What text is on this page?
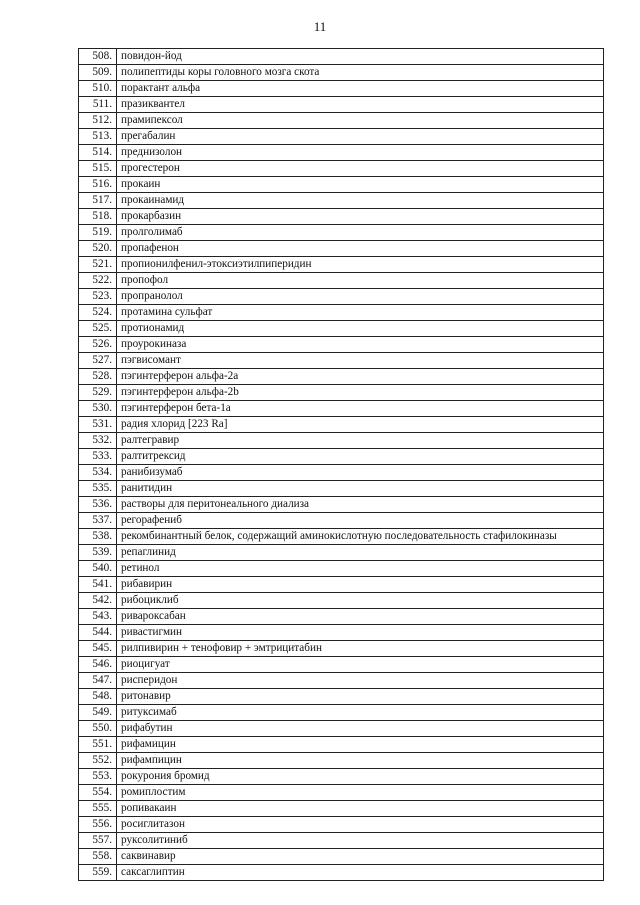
11
508.	повидон-йод
509.	полипептиды коры головного мозга скота
510.	порактант альфа
511.	празиквантел
512.	прамипексол
513.	прегабалин
514.	преднизолон
515.	прогестерон
516.	прокаин
517.	прокаинамид
518.	прокарбазин
519.	пролголимаб
520.	пропафенон
521.	пропионилфенил-этоксиэтилпиперидин
522.	пропофол
523.	пропранолол
524.	протамина сульфат
525.	протионамид
526.	проурокиназа
527.	пэгвисомант
528.	пэгинтерферон альфа-2а
529.	пэгинтерферон альфа-2b
530.	пэгинтерферон бета-1а
531.	радия хлорид [223 Ra]
532.	ралтегравир
533.	ралтитрексид
534.	ранибизумаб
535.	ранитидин
536.	растворы для перитонеального диализа
537.	регорафениб
538.	рекомбинантный белок, содержащий аминокислотную последовательность стафилокиназы
539.	репаглинид
540.	ретинол
541.	рибавирин
542.	рибоциклиб
543.	ривароксабан
544.	ривастигмин
545.	рилпивирин + тенофовир + эмтрицитабин
546.	риоцигуат
547.	рисперидон
548.	ритонавир
549.	ритуксимаб
550.	рифабутин
551.	рифамицин
552.	рифампицин
553.	рокурония бромид
554.	ромиплостим
555.	ропивакаин
556.	росиглитазон
557.	руксолитиниб
558.	саквинавир
559.	саксаглиптин
